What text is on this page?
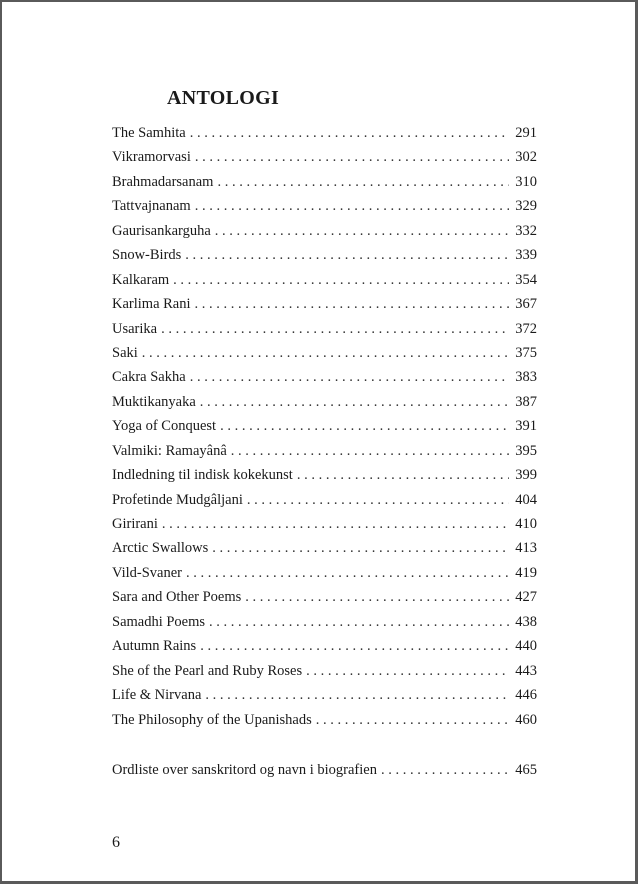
ANTOLOGI
The Samhita . . .	291
Vikramorvasi . . .	302
Brahmadarsanam . . .	310
Tattvajnanam . . .	329
Gaurisankarguha . . .	332
Snow-Birds . . .	339
Kalkaram . . .	354
Karlima Rani . . .	367
Usarika . . .	372
Saki . . .	375
Cakra Sakha . . .	383
Muktikanyaka . . .	387
Yoga of Conquest . . .	391
Valmiki: Ramayânâ . . .	395
Indledning til indisk kokekunst . . .	399
Profetinde Mudgâljani . . .	404
Girirani . . .	410
Arctic Swallows . . .	413
Vild-Svaner . . .	419
Sara and Other Poems . . .	427
Samadhi Poems . . .	438
Autumn Rains . . .	440
She of the Pearl and Ruby Roses . . .	443
Life & Nirvana . . .	446
The Philosophy of the Upanishads . . .	460
Ordliste over sanskritord og navn i biografien . . .	465
6
